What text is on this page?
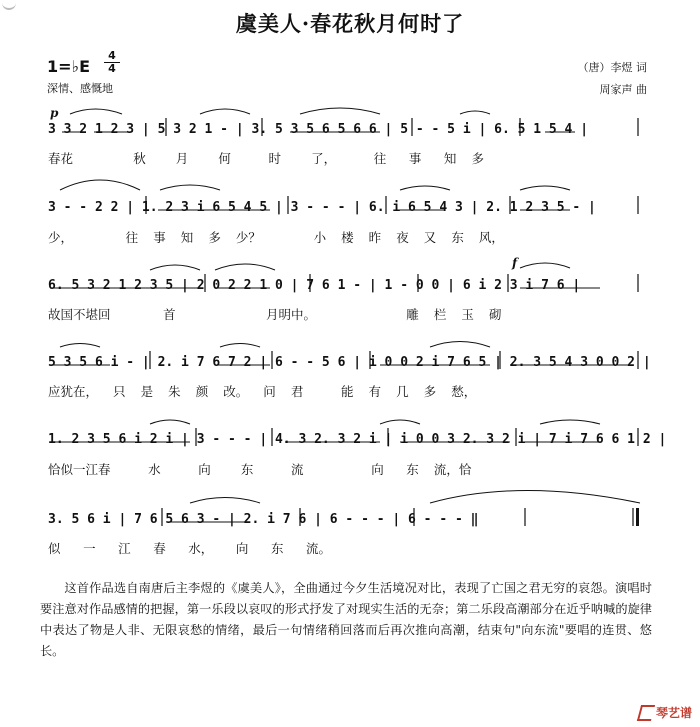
虞美人·春花秋月何时了
1=♭E
4
4
深情、感慨地
（唐）李煜 词
周家声 曲
p
f
3 3 2 1 2 3 | 5 3 2 1 - | 3. 5 3 5 6 5 6 6 | 5 - - 5 i | 6. 5 1 5 4 |
春花        秋    月    何     时    了，     往   事   知  多
3 - - 2 2 | 1. 2 3 i 6 5 4 5 | 3 - - - | 6. i 6 5 4 3 | 2. 1 2 3 5 - |
少，       往  事  知  多  少？       小  楼  昨  夜  又  东  风，
6. 5 3 2 1 2 3 5 | 2 0 2 2 1 0 | 7 6 1 - | 1 - 0 0 | 6 i 2 3 i 7 6 |
故国不堪回       首            月明中。            雕  栏  玉  砌
5 3 5 6 i - | 2. i 7 6 7 2 | 6 - - 5 6 | i 0 0 2 i 7 6 5 | 2. 3 5 4 3 0 0 2 |
应犹在，  只  是  朱  颜  改。  问  君     能  有  几  多  愁，
1. 2 3 5 6 i 2 i | 3 - - - | 4. 3 2. 3 2 i | i 0 0 3 2. 3 2 i | 7 i 7 6 6 1 2 |
恰似一江春     水     向    东     流         向   东  流，恰
3. 5 6 i | 7 6 5 6 3 - | 2. i 7 6 | 6 - - - | 6 - - - ‖
似   一   江   春   水，   向   东   流。
这首作品选自南唐后主李煜的《虞美人》，全曲通过今夕生活境况对比，表现了亡国之君无穷的哀怨。演唱时要注意对作品感情的把握，第一乐段以哀叹的形式抒发了对现实生活的无奈；第二乐段高潮部分在近乎呐喊的旋律中表达了物是人非、无限哀愁的情绪，最后一句情绪稍回落而后再次推向高潮，结束句"向东流"要唱的连贯、悠长。
琴艺谱
